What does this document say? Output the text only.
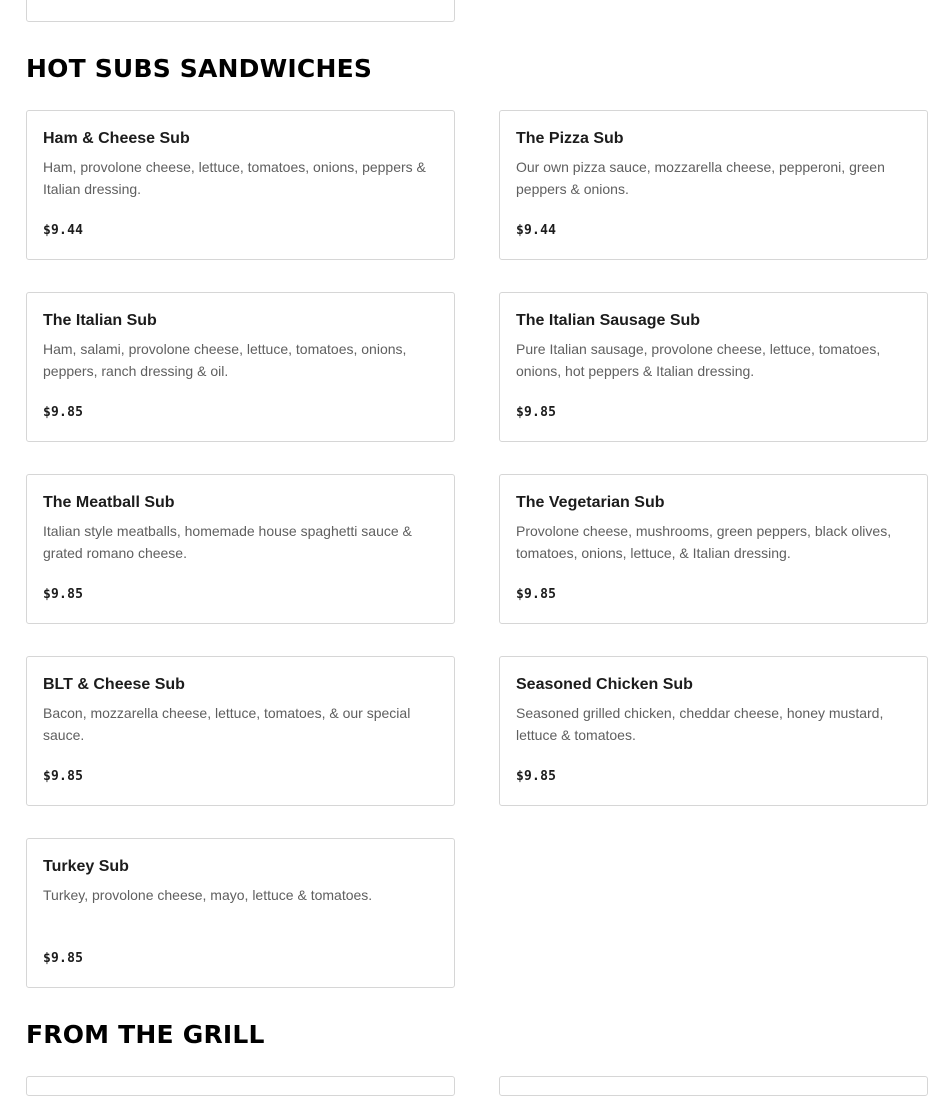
HOT SUBS SANDWICHES
Ham & Cheese Sub
Ham, provolone cheese, lettuce, tomatoes, onions, peppers & Italian dressing.
$9.44
The Pizza Sub
Our own pizza sauce, mozzarella cheese, pepperoni, green peppers & onions.
$9.44
The Italian Sub
Ham, salami, provolone cheese, lettuce, tomatoes, onions, peppers, ranch dressing & oil.
$9.85
The Italian Sausage Sub
Pure Italian sausage, provolone cheese, lettuce, tomatoes, onions, hot peppers & Italian dressing.
$9.85
The Meatball Sub
Italian style meatballs, homemade house spaghetti sauce & grated romano cheese.
$9.85
The Vegetarian Sub
Provolone cheese, mushrooms, green peppers, black olives, tomatoes, onions, lettuce, & Italian dressing.
$9.85
BLT & Cheese Sub
Bacon, mozzarella cheese, lettuce, tomatoes, & our special sauce.
$9.85
Seasoned Chicken Sub
Seasoned grilled chicken, cheddar cheese, honey mustard, lettuce & tomatoes.
$9.85
Turkey Sub
Turkey, provolone cheese, mayo, lettuce & tomatoes.
$9.85
FROM THE GRILL
